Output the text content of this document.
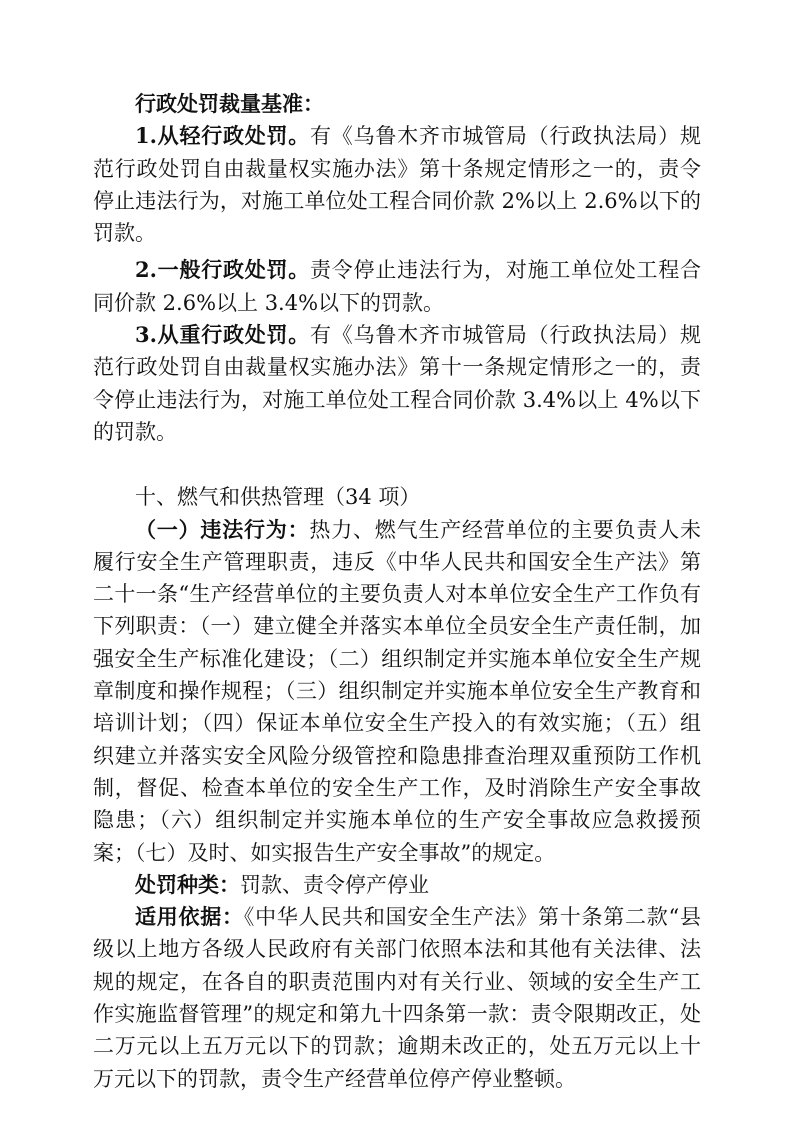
行政处罚裁量基准：

1.从轻行政处罚。有《乌鲁木齐市城管局（行政执法局）规范行政处罚自由裁量权实施办法》第十条规定情形之一的，责令停止违法行为，对施工单位处工程合同价款 2%以上 2.6%以下的罚款。

2.一般行政处罚。责令停止违法行为，对施工单位处工程合同价款 2.6%以上 3.4%以下的罚款。

3.从重行政处罚。有《乌鲁木齐市城管局（行政执法局）规范行政处罚自由裁量权实施办法》第十一条规定情形之一的，责令停止违法行为，对施工单位处工程合同价款 3.4%以上 4%以下的罚款。

十、燃气和供热管理（34 项）

（一）违法行为：热力、燃气生产经营单位的主要负责人未履行安全生产管理职责，违反《中华人民共和国安全生产法》第二十一条“生产经营单位的主要负责人对本单位安全生产工作负有下列职责：（一）建立健全并落实本单位全员安全生产责任制，加强安全生产标准化建设；（二）组织制定并实施本单位安全生产规章制度和操作规程；（三）组织制定并实施本单位安全生产教育和培训计划；（四）保证本单位安全生产投入的有效实施；（五）组织建立并落实安全风险分级管控和隐患排查治理双重预防工作机制，督促、检查本单位的安全生产工作，及时消除生产安全事故隐患；（六）组织制定并实施本单位的生产安全事故应急救援预案；（七）及时、如实报告生产安全事故”的规定。

处罚种类：罚款、责令停产停业

适用依据：《中华人民共和国安全生产法》第十条第二款“县级以上地方各级人民政府有关部门依照本法和其他有关法律、法规的规定，在各自的职责范围内对有关行业、领域的安全生产工作实施监督管理”的规定和第九十四条第一款：责令限期改正，处二万元以上五万元以下的罚款；逾期未改正的，处五万元以上十万元以下的罚款，责令生产经营单位停产停业整顿。
